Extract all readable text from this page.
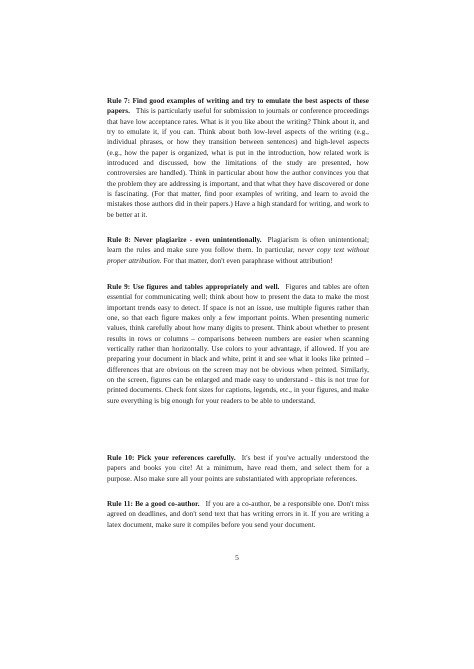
Rule 7: Find good examples of writing and try to emulate the best aspects of these papers. This is particularly useful for submission to journals or conference proceedings that have low acceptance rates. What is it you like about the writing? Think about it, and try to emulate it, if you can. Think about both low-level aspects of the writing (e.g., individual phrases, or how they transition between sentences) and high-level aspects (e.g., how the paper is organized, what is put in the introduction, how related work is introduced and discussed, how the limitations of the study are presented, how controversies are handled). Think in particular about how the author convinces you that the problem they are addressing is important, and that what they have discovered or done is fascinating. (For that matter, find poor examples of writing, and learn to avoid the mistakes those authors did in their papers.) Have a high standard for writing, and work to be better at it.
Rule 8: Never plagiarize - even unintentionally. Plagiarism is often unintentional; learn the rules and make sure you follow them. In particular, never copy text without proper attribution. For that matter, don't even paraphrase without attribution!
Rule 9: Use figures and tables appropriately and well. Figures and tables are often essential for communicating well; think about how to present the data to make the most important trends easy to detect. If space is not an issue, use multiple figures rather than one, so that each figure makes only a few important points. When presenting numeric values, think carefully about how many digits to present. Think about whether to present results in rows or columns – comparisons between numbers are easier when scanning vertically rather than horizontally. Use colors to your advantage, if allowed. If you are preparing your document in black and white, print it and see what it looks like printed – differences that are obvious on the screen may not be obvious when printed. Similarly, on the screen, figures can be enlarged and made easy to understand - this is not true for printed documents. Check font sizes for captions, legends, etc., in your figures, and make sure everything is big enough for your readers to be able to understand.
Rule 10: Pick your references carefully. It's best if you've actually understood the papers and books you cite! At a minimum, have read them, and select them for a purpose. Also make sure all your points are substantiated with appropriate references.
Rule 11: Be a good co-author. If you are a co-author, be a responsible one. Don't miss agreed on deadlines, and don't send text that has writing errors in it. If you are writing a latex document, make sure it compiles before you send your document.
5
